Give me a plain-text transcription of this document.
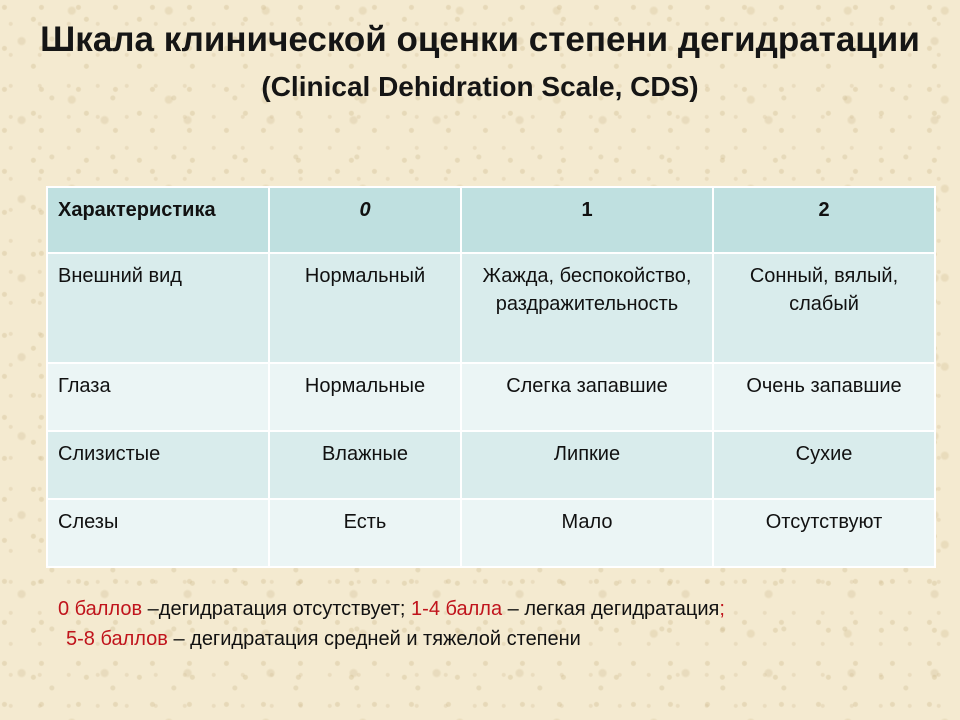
Шкала клинической оценки степени дегидратации
(Clinical Dehidration Scale, CDS)
Характеристика	0	1	2
Внешний вид	Нормальный	Жажда, беспокойство, раздражительность	Сонный, вялый, слабый
Глаза	Нормальные	Слегка запавшие	Очень запавшие
Слизистые	Влажные	Липкие	Сухие
Слезы	Есть	Мало	Отсутствуют
0 баллов –дегидратация отсутствует; 1-4 балла – легкая дегидратация;
5-8 баллов – дегидратация средней и тяжелой степени
